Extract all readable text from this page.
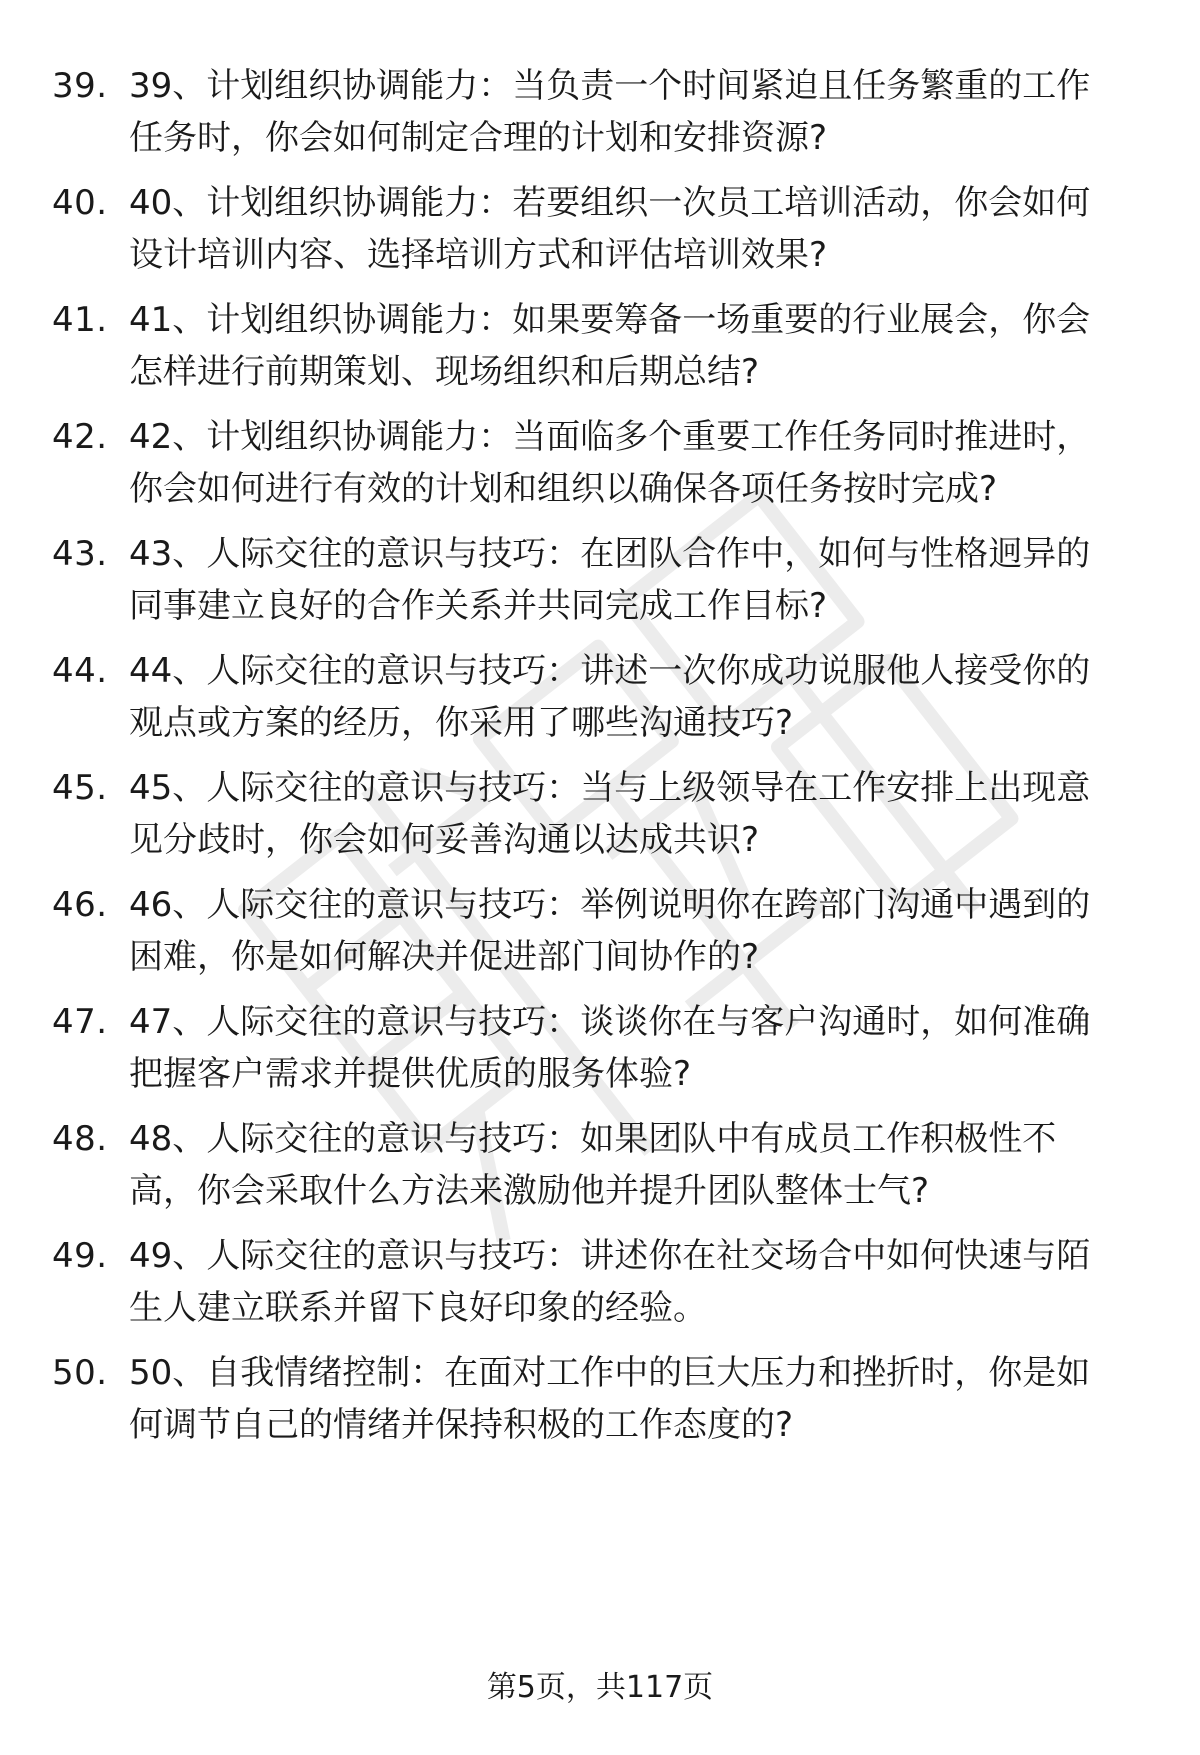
39. 39、计划组织协调能力：当负责一个时间紧迫且任务繁重的工作
任务时，你会如何制定合理的计划和安排资源?
40. 40、计划组织协调能力：若要组织一次员工培训活动，你会如何
设计培训内容、选择培训方式和评估培训效果?
41. 41、计划组织协调能力：如果要筹备一场重要的行业展会，你会
怎样进行前期策划、现场组织和后期总结?
42. 42、计划组织协调能力：当面临多个重要工作任务同时推进时，
你会如何进行有效的计划和组织以确保各项任务按时完成?
43. 43、人际交往的意识与技巧：在团队合作中，如何与性格迥异的
同事建立良好的合作关系并共同完成工作目标?
44. 44、人际交往的意识与技巧：讲述一次你成功说服他人接受你的
观点或方案的经历，你采用了哪些沟通技巧?
45. 45、人际交往的意识与技巧：当与上级领导在工作安排上出现意
见分歧时，你会如何妥善沟通以达成共识?
46. 46、人际交往的意识与技巧：举例说明你在跨部门沟通中遇到的
困难，你是如何解决并促进部门间协作的?
47. 47、人际交往的意识与技巧：谈谈你在与客户沟通时，如何准确
把握客户需求并提供优质的服务体验?
48. 48、人际交往的意识与技巧：如果团队中有成员工作积极性不
高，你会采取什么方法来激励他并提升团队整体士气?
49. 49、人际交往的意识与技巧：讲述你在社交场合中如何快速与陌
生人建立联系并留下良好印象的经验。
50. 50、自我情绪控制：在面对工作中的巨大压力和挫折时，你是如
何调节自己的情绪并保持积极的工作态度的?
第5页，共117页
